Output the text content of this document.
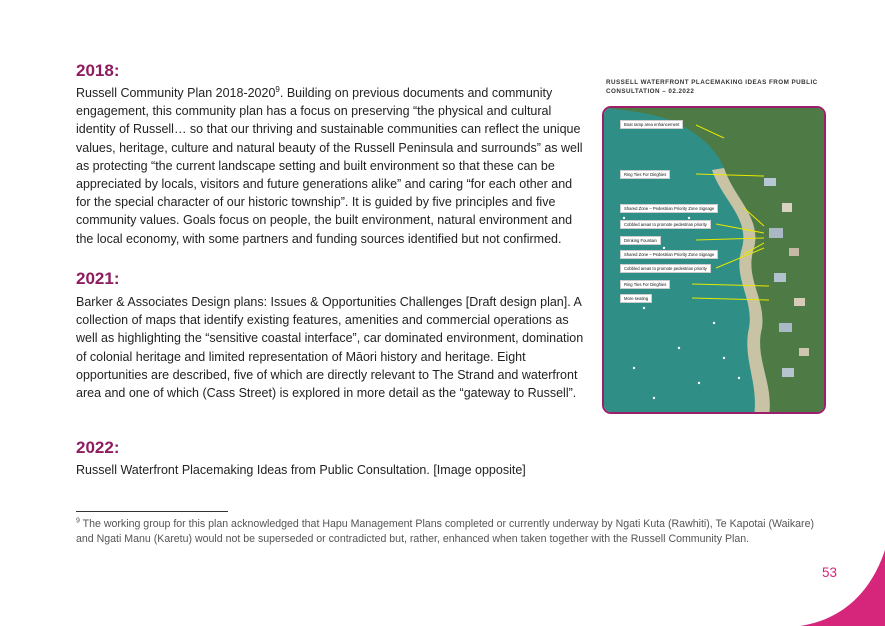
2018:

Russell Community Plan 2018-2020$^9$. Building on previous documents and community engagement, this community plan has a focus on preserving “the physical and cultural identity of Russell… so that our thriving and sustainable communities can reflect the unique values, heritage, culture and natural beauty of the Russell Peninsula and surrounds” as well as protecting “the current landscape setting and built environment so that these can be appreciated by locals, visitors and future generations alike” and caring “for each other and for the special character of our historic township”. It is guided by five principles and five community values. Goals focus on people, the built environment, natural environment and the local economy, with some partners and funding sources identified but not confirmed.

2021:

Barker & Associates Design plans: Issues & Opportunities Challenges [Draft design plan]. A collection of maps that identify existing features, amenities and commercial operations as well as highlighting the “sensitive coastal interface”, car dominated environment, domination of colonial heritage and limited representation of Māori history and heritage. Eight opportunities are described, five of which are directly relevant to The Strand and waterfront area and one of which (Cass Street) is explored in more detail as the “gateway to Russell”.

2022:

Russell Waterfront Placemaking Ideas from Public Consultation. [Image opposite]

RUSSELL WATERFRONT PLACEMAKING IDEAS FROM PUBLIC CONSULTATION – 02.2022

Boat ramp area enhancement
Ring Ties For Dinghies
Shared Zone – Pedestrian Priority Zone Signage
Cobbled areas to promote pedestrian priority
Drinking Fountain
Shared Zone – Pedestrian Priority Zone Signage
Cobbled areas to promote pedestrian priority
Ring Ties For Dinghies
More seating

$^9$ The working group for this plan acknowledged that Hapu Management Plans completed or currently underway by Ngati Kuta (Rawhiti), Te Kapotai (Waikare) and Ngati Manu (Karetu) would not be superseded or contradicted but, rather, enhanced when taken together with the Russell Community Plan.

53
